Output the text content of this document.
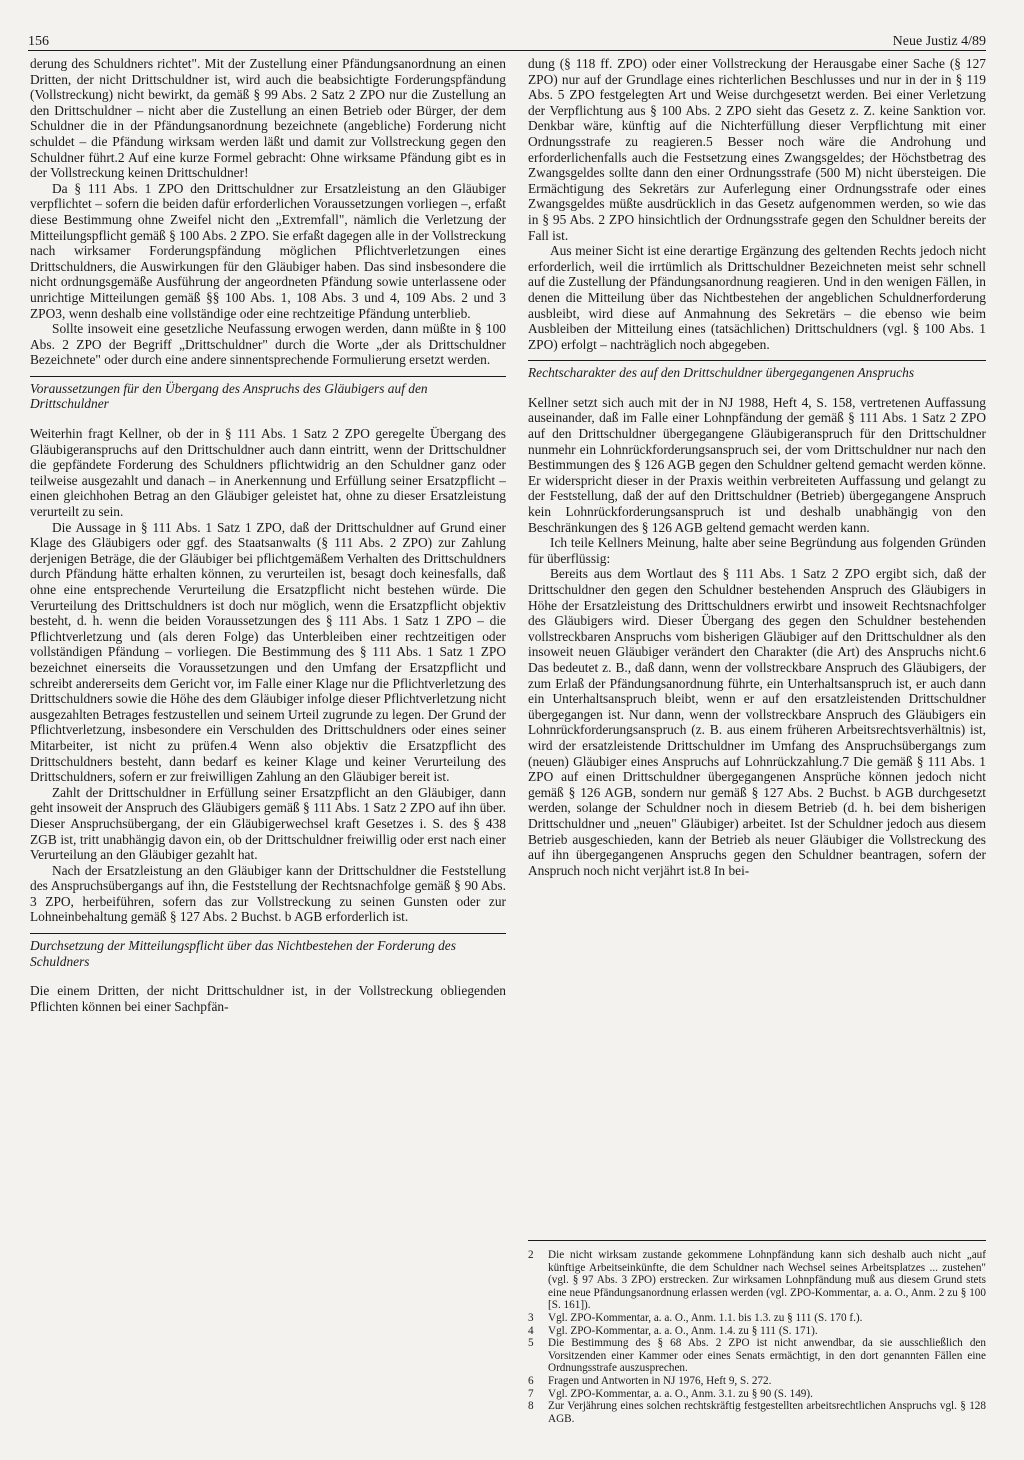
156	Neue Justiz 4/89

derung des Schuldners richtet". Mit der Zustellung einer Pfändungsanordnung an einen Dritten, der nicht Drittschuldner ist, wird auch die beabsichtigte Forderungspfändung (Vollstreckung) nicht bewirkt, da gemäß § 99 Abs. 2 Satz 2 ZPO nur die Zustellung an den Drittschuldner – nicht aber die Zustellung an einen Betrieb oder Bürger, der dem Schuldner die in der Pfändungsanordnung bezeichnete (angebliche) Forderung nicht schuldet – die Pfändung wirksam werden läßt und damit zur Vollstreckung gegen den Schuldner führt.2 Auf eine kurze Formel gebracht: Ohne wirksame Pfändung gibt es in der Vollstreckung keinen Drittschuldner!

Da § 111 Abs. 1 ZPO den Drittschuldner zur Ersatzleistung an den Gläubiger verpflichtet – sofern die beiden dafür erforderlichen Voraussetzungen vorliegen –, erfaßt diese Bestimmung ohne Zweifel nicht den „Extremfall", nämlich die Verletzung der Mitteilungspflicht gemäß § 100 Abs. 2 ZPO. Sie erfaßt dagegen alle in der Vollstreckung nach wirksamer Forderungspfändung möglichen Pflichtverletzungen eines Drittschuldners, die Auswirkungen für den Gläubiger haben. Das sind insbesondere die nicht ordnungsgemäße Ausführung der angeordneten Pfändung sowie unterlassene oder unrichtige Mitteilungen gemäß §§ 100 Abs. 1, 108 Abs. 3 und 4, 109 Abs. 2 und 3 ZPO3, wenn deshalb eine vollständige oder eine rechtzeitige Pfändung unterblieb.

Sollte insoweit eine gesetzliche Neufassung erwogen werden, dann müßte in § 100 Abs. 2 ZPO der Begriff „Drittschuldner" durch die Worte „der als Drittschuldner Bezeichnete" oder durch eine andere sinnentsprechende Formulierung ersetzt werden.

Voraussetzungen für den Übergang des Anspruchs des Gläubigers auf den Drittschuldner

Weiterhin fragt Kellner, ob der in § 111 Abs. 1 Satz 2 ZPO geregelte Übergang des Gläubigeranspruchs auf den Drittschuldner auch dann eintritt, wenn der Drittschuldner die gepfändete Forderung des Schuldners pflichtwidrig an den Schuldner ganz oder teilweise ausgezahlt und danach – in Anerkennung und Erfüllung seiner Ersatzpflicht – einen gleichhohen Betrag an den Gläubiger geleistet hat, ohne zu dieser Ersatzleistung verurteilt zu sein.

Die Aussage in § 111 Abs. 1 Satz 1 ZPO, daß der Drittschuldner auf Grund einer Klage des Gläubigers oder ggf. des Staatsanwalts (§ 111 Abs. 2 ZPO) zur Zahlung derjenigen Beträge, die der Gläubiger bei pflichtgemäßem Verhalten des Drittschuldners durch Pfändung hätte erhalten können, zu verurteilen ist, besagt doch keinesfalls, daß ohne eine entsprechende Verurteilung die Ersatzpflicht nicht bestehen würde. Die Verurteilung des Drittschuldners ist doch nur möglich, wenn die Ersatzpflicht objektiv besteht, d. h. wenn die beiden Voraussetzungen des § 111 Abs. 1 Satz 1 ZPO – die Pflichtverletzung und (als deren Folge) das Unterbleiben einer rechtzeitigen oder vollständigen Pfändung – vorliegen. Die Bestimmung des § 111 Abs. 1 Satz 1 ZPO bezeichnet einerseits die Voraussetzungen und den Umfang der Ersatzpflicht und schreibt andererseits dem Gericht vor, im Falle einer Klage nur die Pflichtverletzung des Drittschuldners sowie die Höhe des dem Gläubiger infolge dieser Pflichtverletzung nicht ausgezahlten Betrages festzustellen und seinem Urteil zugrunde zu legen. Der Grund der Pflichtverletzung, insbesondere ein Verschulden des Drittschuldners oder eines seiner Mitarbeiter, ist nicht zu prüfen.4 Wenn also objektiv die Ersatzpflicht des Drittschuldners besteht, dann bedarf es keiner Klage und keiner Verurteilung des Drittschuldners, sofern er zur freiwilligen Zahlung an den Gläubiger bereit ist.

Zahlt der Drittschuldner in Erfüllung seiner Ersatzpflicht an den Gläubiger, dann geht insoweit der Anspruch des Gläubigers gemäß § 111 Abs. 1 Satz 2 ZPO auf ihn über. Dieser Anspruchsübergang, der ein Gläubigerwechsel kraft Gesetzes i. S. des § 438 ZGB ist, tritt unabhängig davon ein, ob der Drittschuldner freiwillig oder erst nach einer Verurteilung an den Gläubiger gezahlt hat.

Nach der Ersatzleistung an den Gläubiger kann der Drittschuldner die Feststellung des Anspruchsübergangs auf ihn, die Feststellung der Rechtsnachfolge gemäß § 90 Abs. 3 ZPO, herbeiführen, sofern das zur Vollstreckung zu seinen Gunsten oder zur Lohneinbehaltung gemäß § 127 Abs. 2 Buchst. b AGB erforderlich ist.

Durchsetzung der Mitteilungspflicht über das Nichtbestehen der Forderung des Schuldners

Die einem Dritten, der nicht Drittschuldner ist, in der Vollstreckung obliegenden Pflichten können bei einer Sachpfän-

dung (§ 118 ff. ZPO) oder einer Vollstreckung der Herausgabe einer Sache (§ 127 ZPO) nur auf der Grundlage eines richterlichen Beschlusses und nur in der in § 119 Abs. 5 ZPO festgelegten Art und Weise durchgesetzt werden. Bei einer Verletzung der Verpflichtung aus § 100 Abs. 2 ZPO sieht das Gesetz z. Z. keine Sanktion vor. Denkbar wäre, künftig auf die Nichterfüllung dieser Verpflichtung mit einer Ordnungsstrafe zu reagieren.5 Besser noch wäre die Androhung und erforderlichenfalls auch die Festsetzung eines Zwangsgeldes; der Höchstbetrag des Zwangsgeldes sollte dann den einer Ordnungsstrafe (500 M) nicht übersteigen. Die Ermächtigung des Sekretärs zur Auferlegung einer Ordnungsstrafe oder eines Zwangsgeldes müßte ausdrücklich in das Gesetz aufgenommen werden, so wie das in § 95 Abs. 2 ZPO hinsichtlich der Ordnungsstrafe gegen den Schuldner bereits der Fall ist.

Aus meiner Sicht ist eine derartige Ergänzung des geltenden Rechts jedoch nicht erforderlich, weil die irrtümlich als Drittschuldner Bezeichneten meist sehr schnell auf die Zustellung der Pfändungsanordnung reagieren. Und in den wenigen Fällen, in denen die Mitteilung über das Nichtbestehen der angeblichen Schuldnerforderung ausbleibt, wird diese auf Anmahnung des Sekretärs – die ebenso wie beim Ausbleiben der Mitteilung eines (tatsächlichen) Drittschuldners (vgl. § 100 Abs. 1 ZPO) erfolgt – nachträglich noch abgegeben.

Rechtscharakter des auf den Drittschuldner übergegangenen Anspruchs

Kellner setzt sich auch mit der in NJ 1988, Heft 4, S. 158, vertretenen Auffassung auseinander, daß im Falle einer Lohnpfändung der gemäß § 111 Abs. 1 Satz 2 ZPO auf den Drittschuldner übergegangene Gläubigeranspruch für den Drittschuldner nunmehr ein Lohnrückforderungsanspruch sei, der vom Drittschuldner nur nach den Bestimmungen des § 126 AGB gegen den Schuldner geltend gemacht werden könne. Er widerspricht dieser in der Praxis weithin verbreiteten Auffassung und gelangt zu der Feststellung, daß der auf den Drittschuldner (Betrieb) übergegangene Anspruch kein Lohnrückforderungsanspruch ist und deshalb unabhängig von den Beschränkungen des § 126 AGB geltend gemacht werden kann.

Ich teile Kellners Meinung, halte aber seine Begründung aus folgenden Gründen für überflüssig:

Bereits aus dem Wortlaut des § 111 Abs. 1 Satz 2 ZPO ergibt sich, daß der Drittschuldner den gegen den Schuldner bestehenden Anspruch des Gläubigers in Höhe der Ersatzleistung des Drittschuldners erwirbt und insoweit Rechtsnachfolger des Gläubigers wird. Dieser Übergang des gegen den Schuldner bestehenden vollstreckbaren Anspruchs vom bisherigen Gläubiger auf den Drittschuldner als den insoweit neuen Gläubiger verändert den Charakter (die Art) des Anspruchs nicht.6 Das bedeutet z. B., daß dann, wenn der vollstreckbare Anspruch des Gläubigers, der zum Erlaß der Pfändungsanordnung führte, ein Unterhaltsanspruch ist, er auch dann ein Unterhaltsanspruch bleibt, wenn er auf den ersatzleistenden Drittschuldner übergegangen ist. Nur dann, wenn der vollstreckbare Anspruch des Gläubigers ein Lohnrückforderungsanspruch (z. B. aus einem früheren Arbeitsrechtsverhältnis) ist, wird der ersatzleistende Drittschuldner im Umfang des Anspruchsübergangs zum (neuen) Gläubiger eines Anspruchs auf Lohnrückzahlung.7 Die gemäß § 111 Abs. 1 ZPO auf einen Drittschuldner übergegangenen Ansprüche können jedoch nicht gemäß § 126 AGB, sondern nur gemäß § 127 Abs. 2 Buchst. b AGB durchgesetzt werden, solange der Schuldner noch in diesem Betrieb (d. h. bei dem bisherigen Drittschuldner und „neuen" Gläubiger) arbeitet. Ist der Schuldner jedoch aus diesem Betrieb ausgeschieden, kann der Betrieb als neuer Gläubiger die Vollstreckung des auf ihn übergegangenen Anspruchs gegen den Schuldner beantragen, sofern der Anspruch noch nicht verjährt ist.8 In bei-

2	Die nicht wirksam zustande gekommene Lohnpfändung kann sich deshalb auch nicht „auf künftige Arbeitseinkünfte, die dem Schuldner nach Wechsel seines Arbeitsplatzes ... zustehen" (vgl. § 97 Abs. 3 ZPO) erstrecken. Zur wirksamen Lohnpfändung muß aus diesem Grund stets eine neue Pfändungsanordnung erlassen werden (vgl. ZPO-Kommentar, a. a. O., Anm. 2 zu § 100 [S. 161]).
3	Vgl. ZPO-Kommentar, a. a. O., Anm. 1.1. bis 1.3. zu § 111 (S. 170 f.).
4	Vgl. ZPO-Kommentar, a. a. O., Anm. 1.4. zu § 111 (S. 171).
5	Die Bestimmung des § 68 Abs. 2 ZPO ist nicht anwendbar, da sie ausschließlich den Vorsitzenden einer Kammer oder eines Senats ermächtigt, in den dort genannten Fällen eine Ordnungsstrafe auszusprechen.
6	Fragen und Antworten in NJ 1976, Heft 9, S. 272.
7	Vgl. ZPO-Kommentar, a. a. O., Anm. 3.1. zu § 90 (S. 149).
8	Zur Verjährung eines solchen rechtskräftig festgestellten arbeitsrechtlichen Anspruchs vgl. § 128 AGB.
